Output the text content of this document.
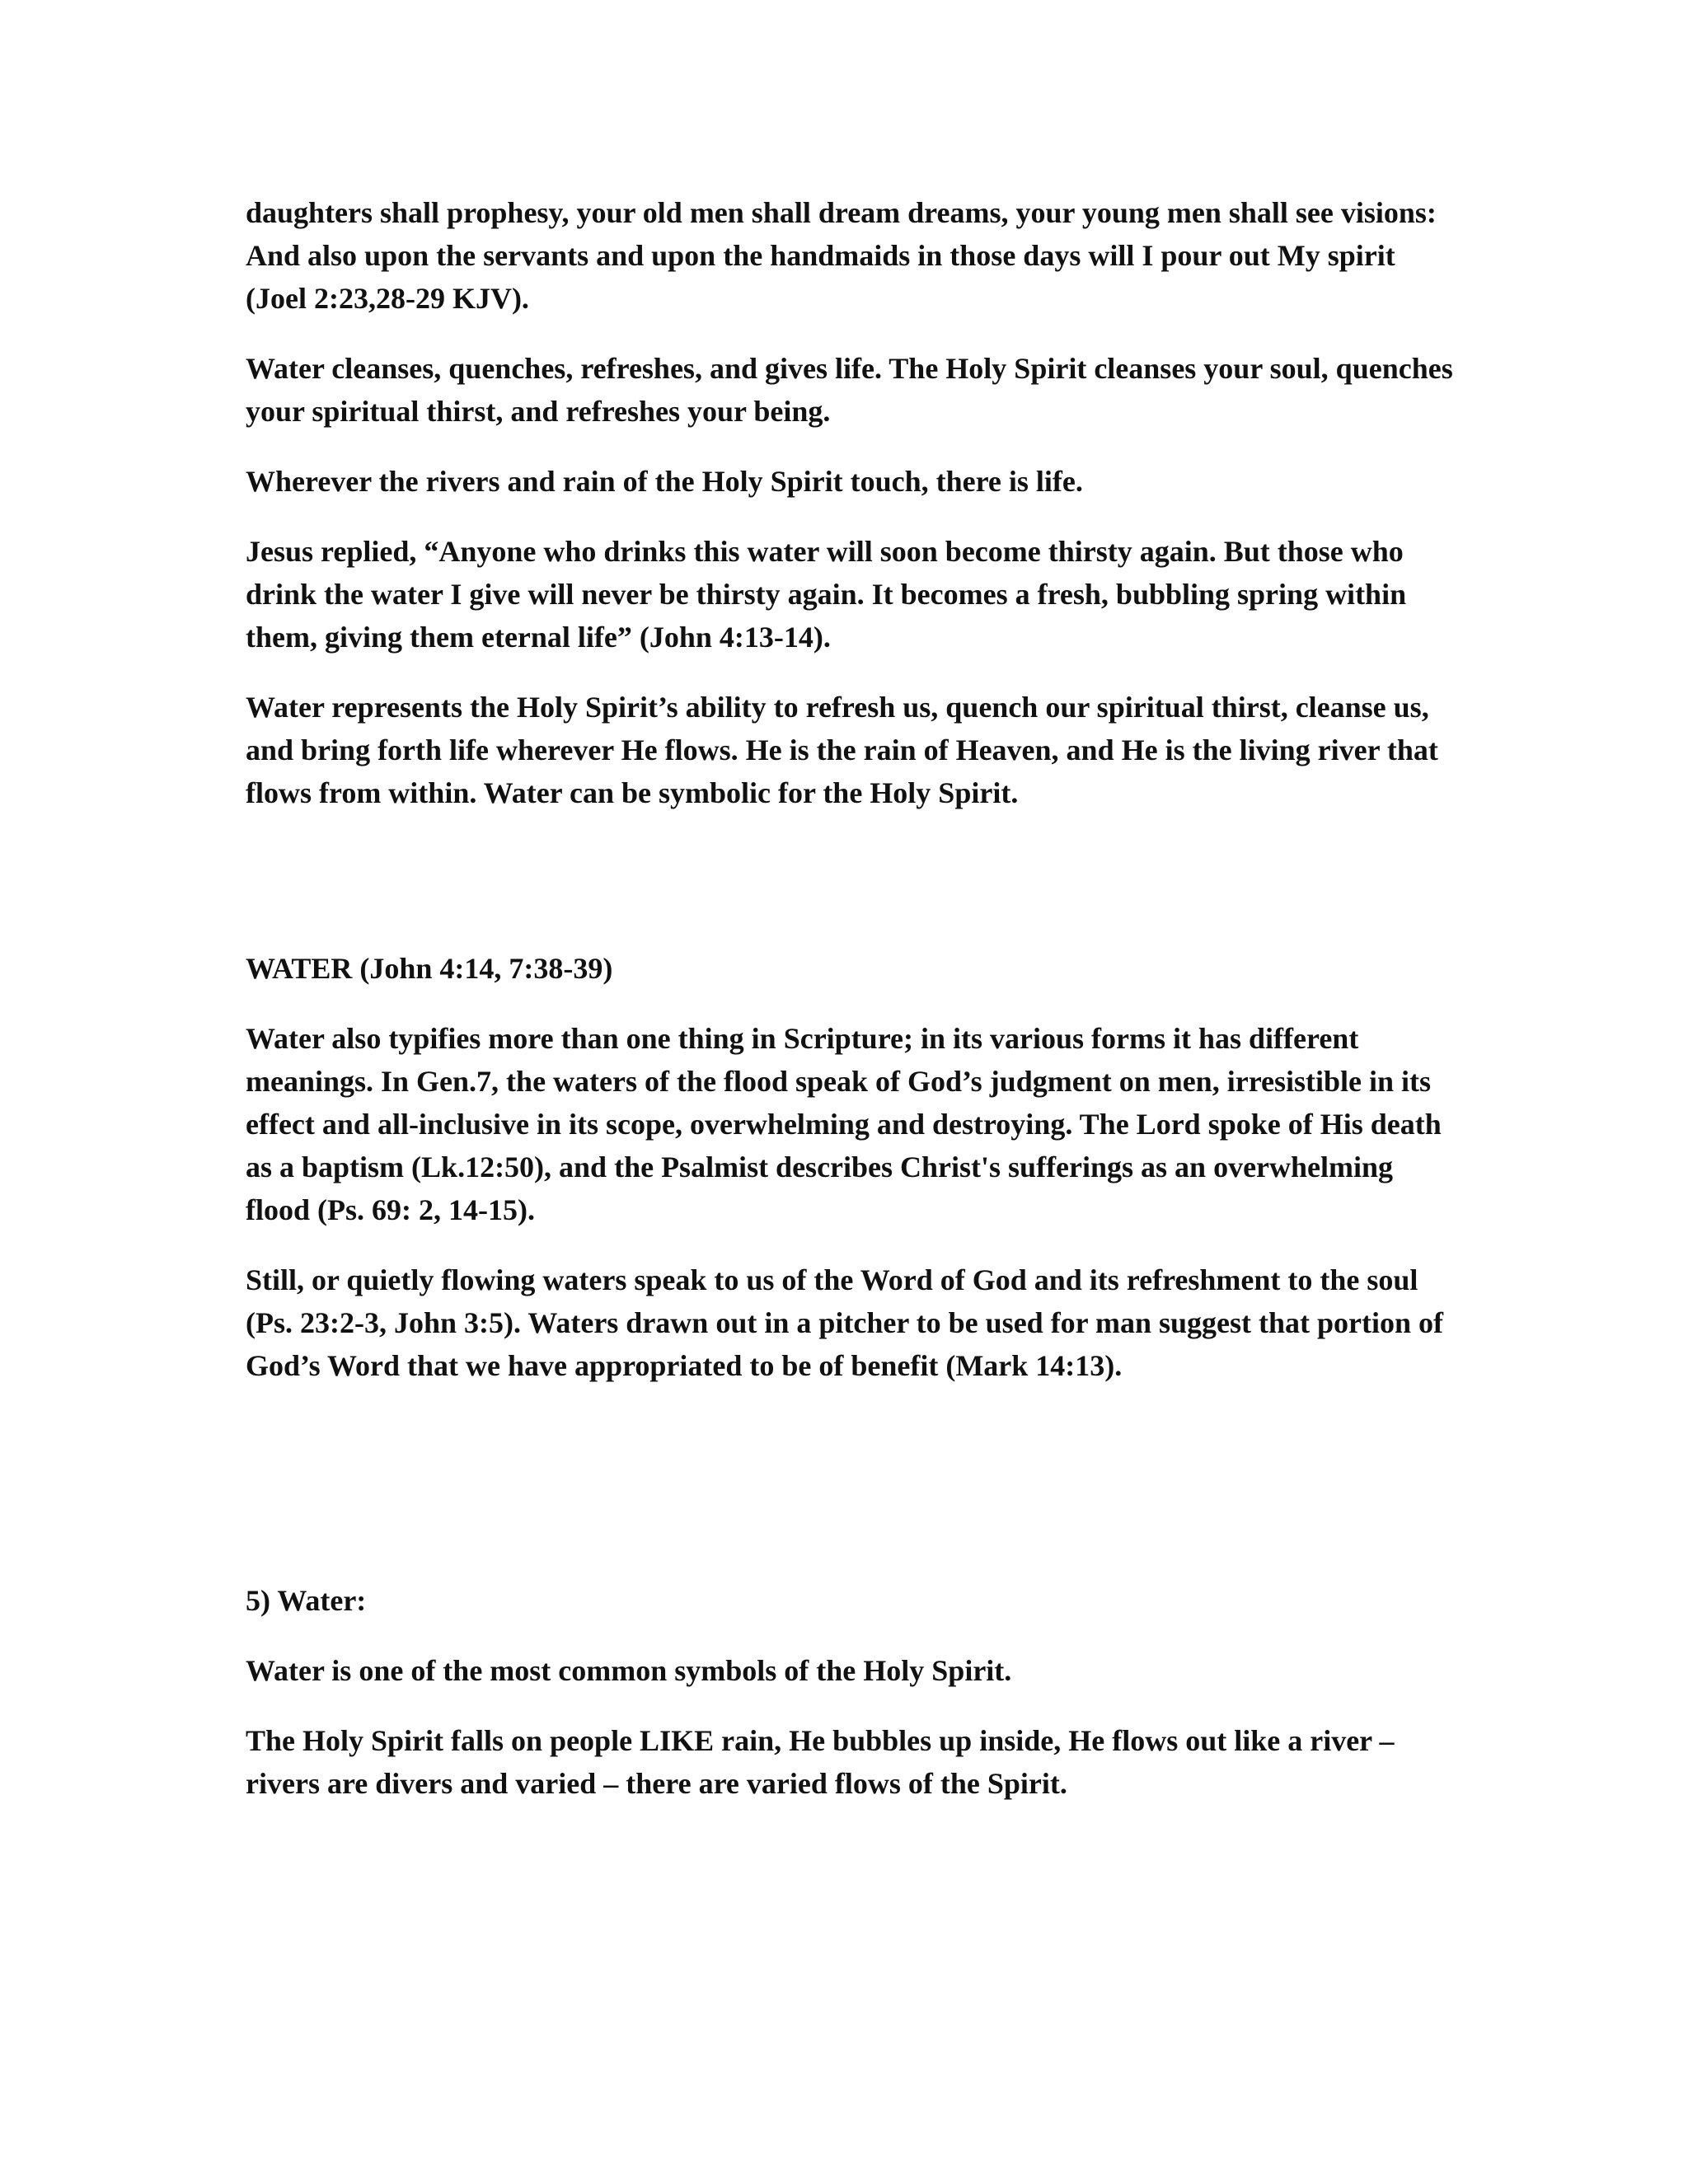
daughters shall prophesy, your old men shall dream dreams, your young men shall see visions: And also upon the servants and upon the handmaids in those days will I pour out My spirit (Joel 2:23,28-29 KJV).

Water cleanses, quenches, refreshes, and gives life. The Holy Spirit cleanses your soul, quenches your spiritual thirst, and refreshes your being.

Wherever the rivers and rain of the Holy Spirit touch, there is life.

Jesus replied, “Anyone who drinks this water will soon become thirsty again. But those who drink the water I give will never be thirsty again. It becomes a fresh, bubbling spring within them, giving them eternal life” (John 4:13-14).

Water represents the Holy Spirit’s ability to refresh us, quench our spiritual thirst, cleanse us, and bring forth life wherever He flows. He is the rain of Heaven, and He is the living river that flows from within. Water can be symbolic for the Holy Spirit.

WATER (John 4:14, 7:38-39)

Water also typifies more than one thing in Scripture; in its various forms it has different meanings. In Gen.7, the waters of the flood speak of God’s judgment on men, irresistible in its effect and all-inclusive in its scope, overwhelming and destroying. The Lord spoke of His death as a baptism (Lk.12:50), and the Psalmist describes Christ's sufferings as an overwhelming flood (Ps. 69: 2, 14-15).

Still, or quietly flowing waters speak to us of the Word of God and its refreshment to the soul (Ps. 23:2-3, John 3:5). Waters drawn out in a pitcher to be used for man suggest that portion of God’s Word that we have appropriated to be of benefit (Mark 14:13).

5) Water:

Water is one of the most common symbols of the Holy Spirit.

The Holy Spirit falls on people LIKE rain, He bubbles up inside, He flows out like a river – rivers are divers and varied – there are varied flows of the Spirit.
